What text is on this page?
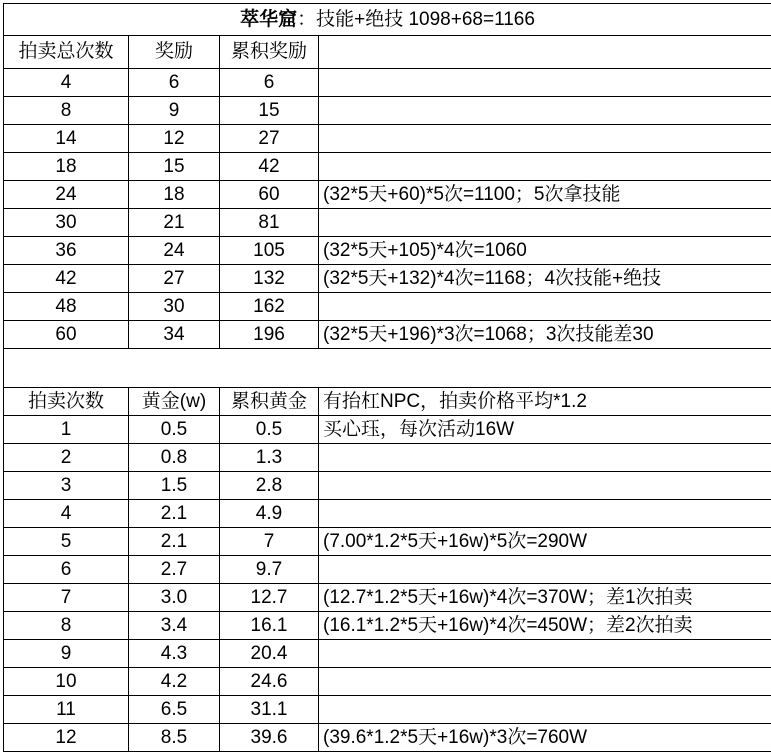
萃华窟：技能+绝技 1098+68=1166			
拍卖总次数	奖励	累积奖励	
4	6	6	
8	9	15	
14	12	27	
18	15	42	
24	18	60	(32*5天+60)*5次=1100；5次拿技能
30	21	81	
36	24	105	(32*5天+105)*4次=1060
42	27	132	(32*5天+132)*4次=1168；4次技能+绝技
48	30	162	
60	34	196	(32*5天+196)*3次=1068；3次技能差30

拍卖次数	黄金(w)	累积黄金	有抬杠NPC，拍卖价格平均*1.2
1	0.5	0.5	买心珏，每次活动16W
2	0.8	1.3	
3	1.5	2.8	
4	2.1	4.9	
5	2.1	7	(7.00*1.2*5天+16w)*5次=290W
6	2.7	9.7	
7	3.0	12.7	(12.7*1.2*5天+16w)*4次=370W；差1次拍卖
8	3.4	16.1	(16.1*1.2*5天+16w)*4次=450W；差2次拍卖
9	4.3	20.4	
10	4.2	24.6	
11	6.5	31.1	
12	8.5	39.6	(39.6*1.2*5天+16w)*3次=760W
